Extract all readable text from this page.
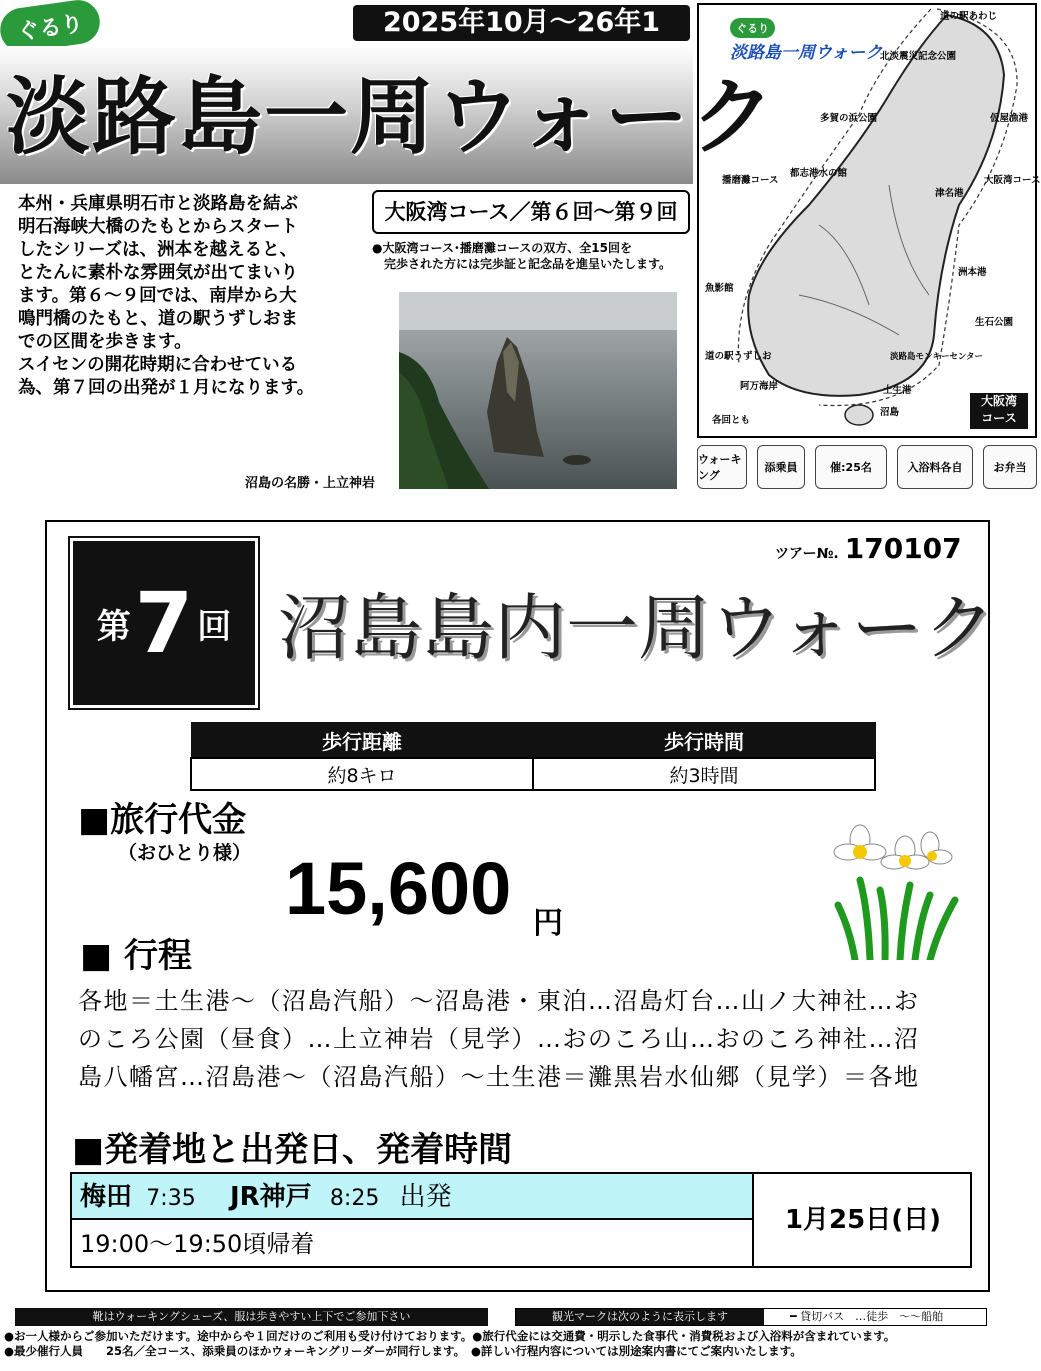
ぐるり	2025年10月～26年1
淡路島一周ウォーク
本州・兵庫県明石市と淡路島を結ぶ
明石海峡大橋のたもとからスタート
したシリーズは、洲本を越えると、
とたんに素朴な雰囲気が出てまいり
ます。第６～９回では、南岸から大
鳴門橋のたもと、道の駅うずしおま
での区間を歩きます。
スイセンの開花時期に合わせている
為、第７回の出発が１月になります。
大阪湾コース／第６回～第９回
●大阪湾コース･播磨灘コースの双方、全15回を
完歩された方には完歩証と記念品を進呈いたします。
沼島の名勝・上立神岩
ぐるり
淡路島一周ウォーク
道の駅あわじ
北淡震災記念公園
多賀の浜公園
都志港水の館
播磨灘コース
仮屋漁港
大阪湾コース
津名港
洲本港
生石公園
魚影館
道の駅うずしお
阿万海岸
沼島
土生港
淡路島モンキーセンター
各回とも
大阪湾
コース
ウォーキング
添乗員	催:25名	入浴料各自	お弁当
第 7 回
ツアー№. 170107
沼島島内一周ウォーク
歩行距離	歩行時間
約8キロ	約3時間
■旅行代金
（おひとり様） 15,600 円
■ 行程
各地＝土生港～（沼島汽船）～沼島港・東泊…沼島灯台…山ノ大神社…お
のころ公園（昼食）…上立神岩（見学）…おのころ山…おのころ神社…沼
島八幡宮…沼島港～（沼島汽船）～土生港＝灘黒岩水仙郷（見学）＝各地
■発着地と出発日、発着時間
梅田 7:35 JR神戸 8:25 出発
19:00～19:50頃帰着
1月25日(日)
靴はウォーキングシューズ、服は歩きやすい上下でご参加下さい	観光マークは次のように表示します	━ 貸切バス　…徒歩　～～船舶
●お一人様からご参加いただけます。途中からや１回だけのご利用も受け付けております。●旅行代金には交通費・明示した食事代・消費税および入浴料が含まれています。
●最少催行人員　　25名／全コース、添乗員のほかウォーキングリーダーが同行します。　●詳しい行程内容については別途案内書にてご案内いたします。
